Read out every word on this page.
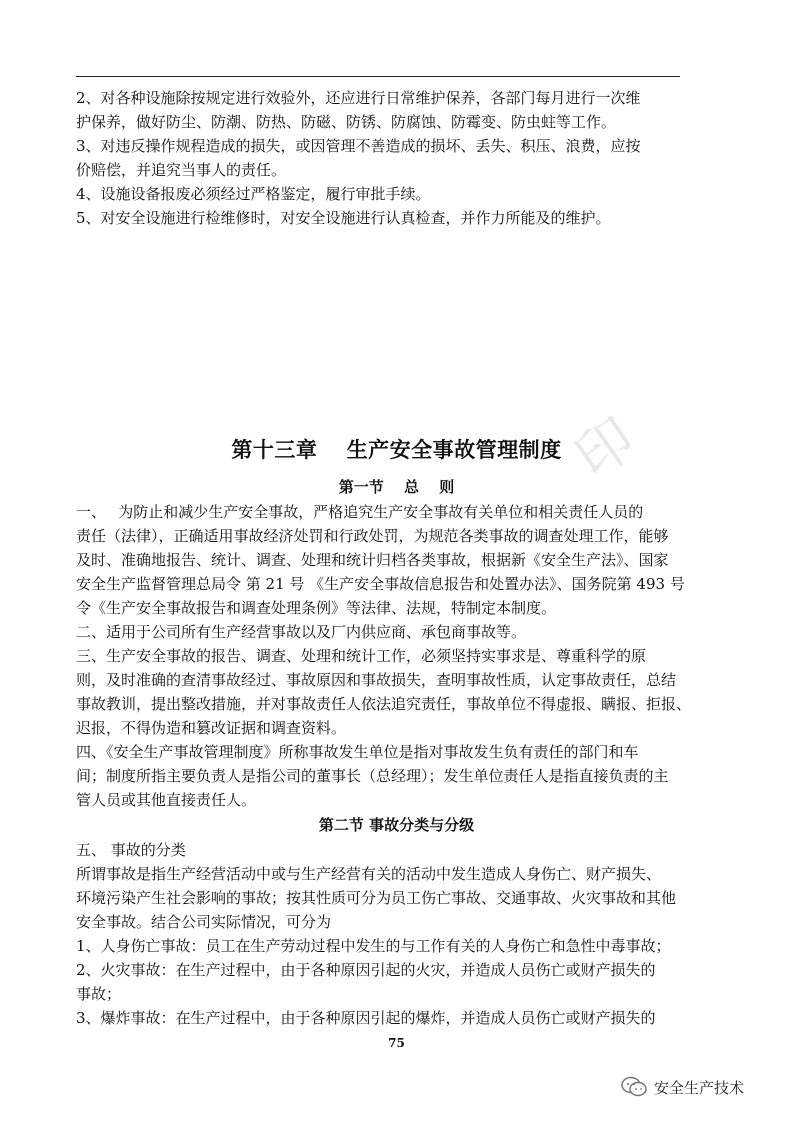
2、对各种设施除按规定进行效验外，还应进行日常维护保养，各部门每月进行一次维

护保养，做好防尘、防潮、防热、防磁、防锈、防腐蚀、防霉变、防虫蛀等工作。

3、对违反操作规程造成的损失，或因管理不善造成的损坏、丢失、积压、浪费，应按

价赔偿，并追究当事人的责任。

4、设施设备报废必须经过严格鉴定，履行审批手续。

5、对安全设施进行检维修时，对安全设施进行认真检查，并作力所能及的维护。

印
第十三章　 生产安全事故管理制度
第一节　 总　 则

一、　 为防止和减少生产安全事故，严格追究生产安全事故有关单位和相关责任人员的

责任（法律），正确适用事故经济处罚和行政处罚，为规范各类事故的调查处理工作，能够

及时、准确地报告、统计、调查、处理和统计归档各类事故，根据新《安全生产法》、国家

安全生产监督管理总局令 第 21 号 《生产安全事故信息报告和处置办法》、国务院第 493 号

令《生产安全事故报告和调查处理条例》等法律、法规，特制定本制度。

二、适用于公司所有生产经营事故以及厂内供应商、承包商事故等。

三、生产安全事故的报告、调查、处理和统计工作，必须坚持实事求是、尊重科学的原

则，及时准确的查清事故经过、事故原因和事故损失，查明事故性质，认定事故责任，总结

事故教训，提出整改措施，并对事故责任人依法追究责任，事故单位不得虚报、瞒报、拒报、

迟报，不得伪造和篡改证据和调查资料。

四、《安全生产事故管理制度》所称事故发生单位是指对事故发生负有责任的部门和车

间；制度所指主要负责人是指公司的董事长（总经理）；发生单位责任人是指直接负责的主

管人员或其他直接责任人。

第二节 事故分类与分级

五、 事故的分类

所谓事故是指生产经营活动中或与生产经营有关的活动中发生造成人身伤亡、财产损失、

环境污染产生社会影响的事故；按其性质可分为员工伤亡事故、交通事故、火灾事故和其他

安全事故。结合公司实际情况，可分为

1、人身伤亡事故：员工在生产劳动过程中发生的与工作有关的人身伤亡和急性中毒事故；

2、火灾事故：在生产过程中，由于各种原因引起的火灾，并造成人员伤亡或财产损失的

事故；

3、爆炸事故：在生产过程中，由于各种原因引起的爆炸，并造成人员伤亡或财产损失的

75
安全生产技术
